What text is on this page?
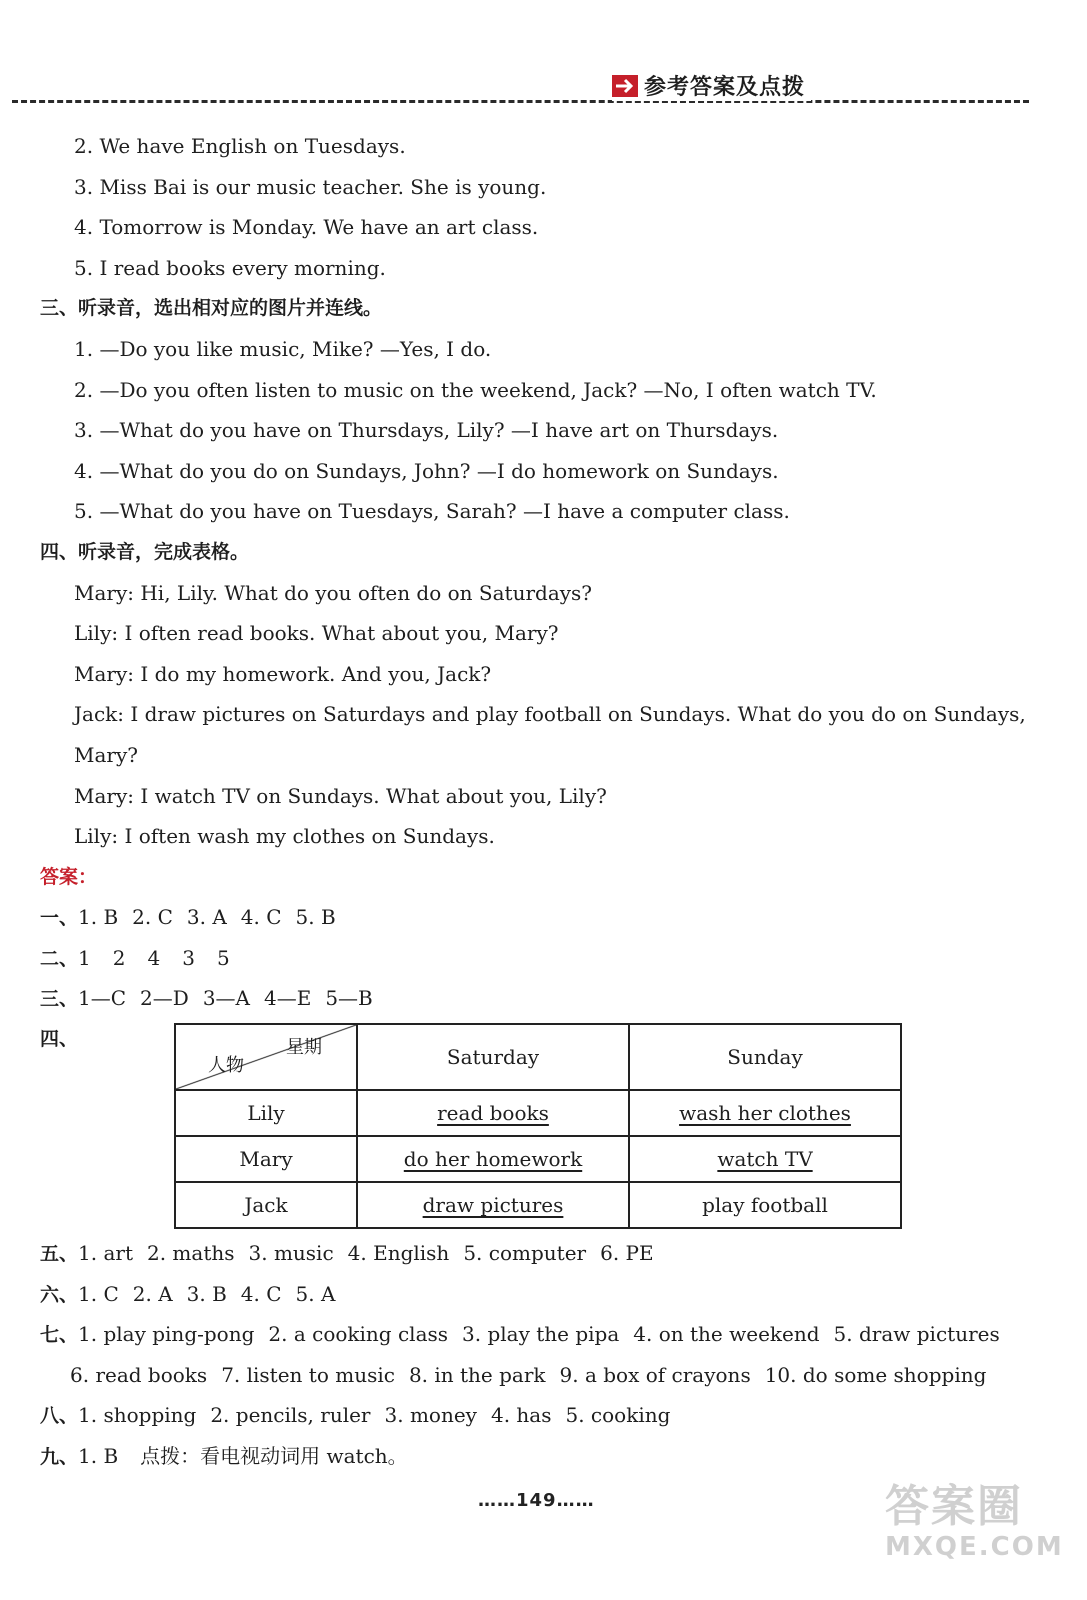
参考答案及点拨
2. We have English on Tuesdays.
3. Miss Bai is our music teacher. She is young.
4. Tomorrow is Monday. We have an art class.
5. I read books every morning.
三、听录音，选出相对应的图片并连线。
1. —Do you like music, Mike? —Yes, I do.
2. —Do you often listen to music on the weekend, Jack? —No, I often watch TV.
3. —What do you have on Thursdays, Lily? —I have art on Thursdays.
4. —What do you do on Sundays, John? —I do homework on Sundays.
5. —What do you have on Tuesdays, Sarah? —I have a computer class.
四、听录音，完成表格。
Mary: Hi, Lily. What do you often do on Saturdays?
Lily: I often read books. What about you, Mary?
Mary: I do my homework. And you, Jack?
Jack: I draw pictures on Saturdays and play football on Sundays. What do you do on Sundays,
Mary?
Mary: I watch TV on Sundays. What about you, Lily?
Lily: I often wash my clothes on Sundays.
答案：
一、1. B 2. C 3. A 4. C 5. B
二、1 2 4 3 5
三、1—C 2—D 3—A 4—E 5—B
四、	星期
人物	Saturday	Sunday
Lily	read books	wash her clothes
Mary	do her homework	watch TV
Jack	draw pictures	play football
五、1. art 2. maths 3. music 4. English 5. computer 6. PE
六、1. C 2. A 3. B 4. C 5. A
七、1. play ping-pong 2. a cooking class 3. play the pipa 4. on the weekend 5. draw pictures
6. read books 7. listen to music 8. in the park 9. a box of crayons 10. do some shopping
八、1. shopping 2. pencils, ruler 3. money 4. has 5. cooking
九、1. B 点拨：看电视动词用 watch。
……149……	答案圈
MXQE.COM
